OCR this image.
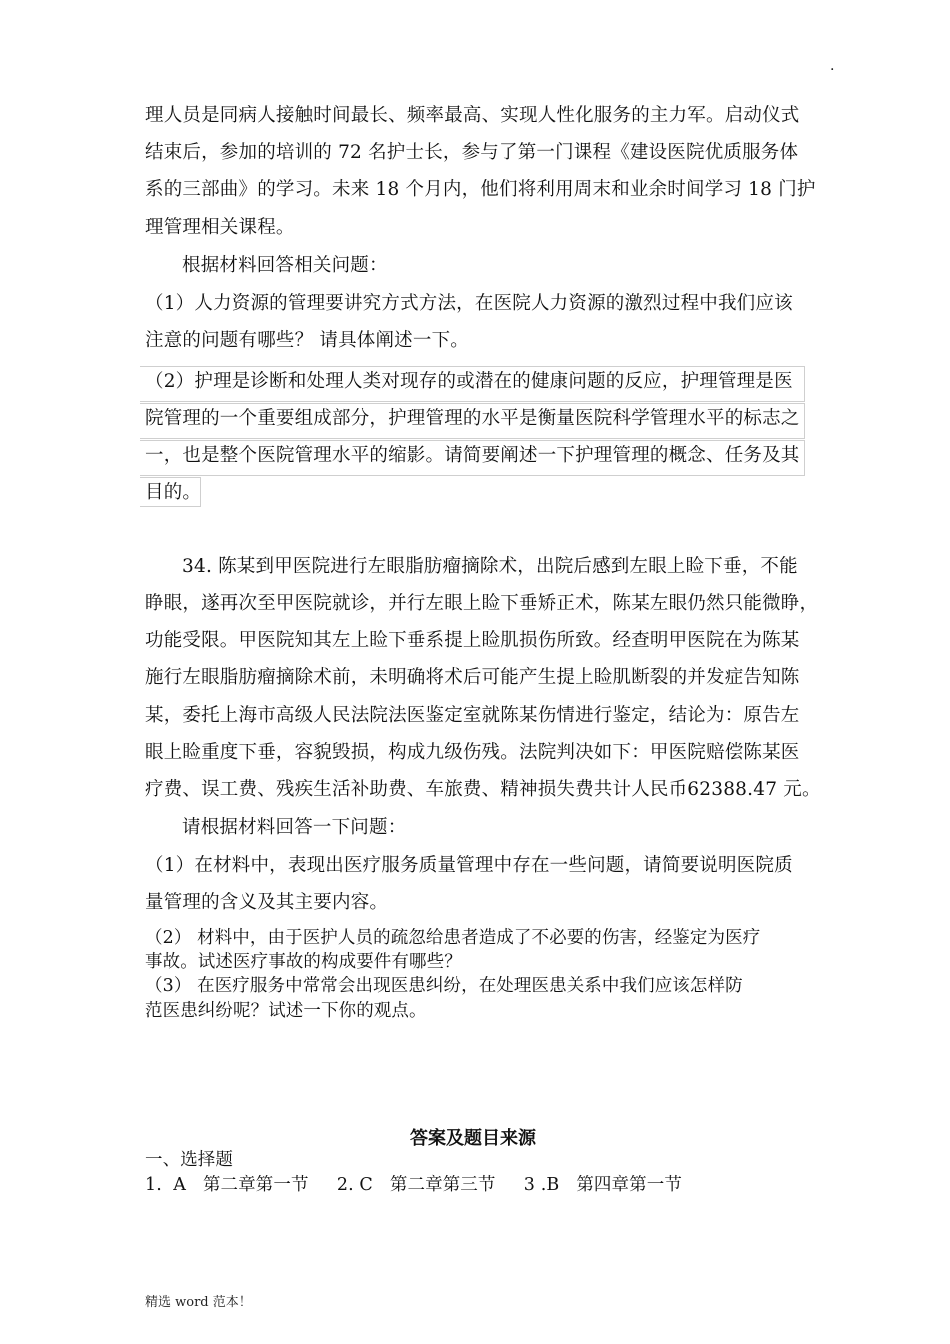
.
理人员是同病人接触时间最长、频率最高、实现人性化服务的主力军。启动仪式
结束后，参加的培训的 72 名护士长，参与了第一门课程《建设医院优质服务体
系的三部曲》的学习。未来 18 个月内，他们将利用周末和业余时间学习 18 门护
理管理相关课程。
根据材料回答相关问题：
（1）人力资源的管理要讲究方式方法，在医院人力资源的激烈过程中我们应该
注意的问题有哪些？ 请具体阐述一下。
（2）护理是诊断和处理人类对现存的或潜在的健康问题的反应，护理管理是医
院管理的一个重要组成部分，护理管理的水平是衡量医院科学管理水平的标志之
一，也是整个医院管理水平的缩影。请简要阐述一下护理管理的概念、任务及其
目的。
34. 陈某到甲医院进行左眼脂肪瘤摘除术，出院后感到左眼上睑下垂，不能
睁眼，遂再次至甲医院就诊，并行左眼上睑下垂矫正术，陈某左眼仍然只能微睁，
功能受限。甲医院知其左上睑下垂系提上睑肌损伤所致。经查明甲医院在为陈某
施行左眼脂肪瘤摘除术前，未明确将术后可能产生提上睑肌断裂的并发症告知陈
某，委托上海市高级人民法院法医鉴定室就陈某伤情进行鉴定，结论为：原告左
眼上睑重度下垂，容貌毁损，构成九级伤残。法院判决如下：甲医院赔偿陈某医
疗费、误工费、残疾生活补助费、车旅费、精神损失费共计人民币62388.47 元。
请根据材料回答一下问题：
（1）在材料中，表现出医疗服务质量管理中存在一些问题，请简要说明医院质
量管理的含义及其主要内容。
（2） 材料中，由于医护人员的疏忽给患者造成了不必要的伤害，经鉴定为医疗
事故。试述医疗事故的构成要件有哪些？
（3） 在医疗服务中常常会出现医患纠纷，在处理医患关系中我们应该怎样防
范医患纠纷呢？试述一下你的观点。
答案及题目来源
一、选择题
1.  A   第二章第一节     2. C   第二章第三节     3 .B   第四章第一节
精选 word 范本！
